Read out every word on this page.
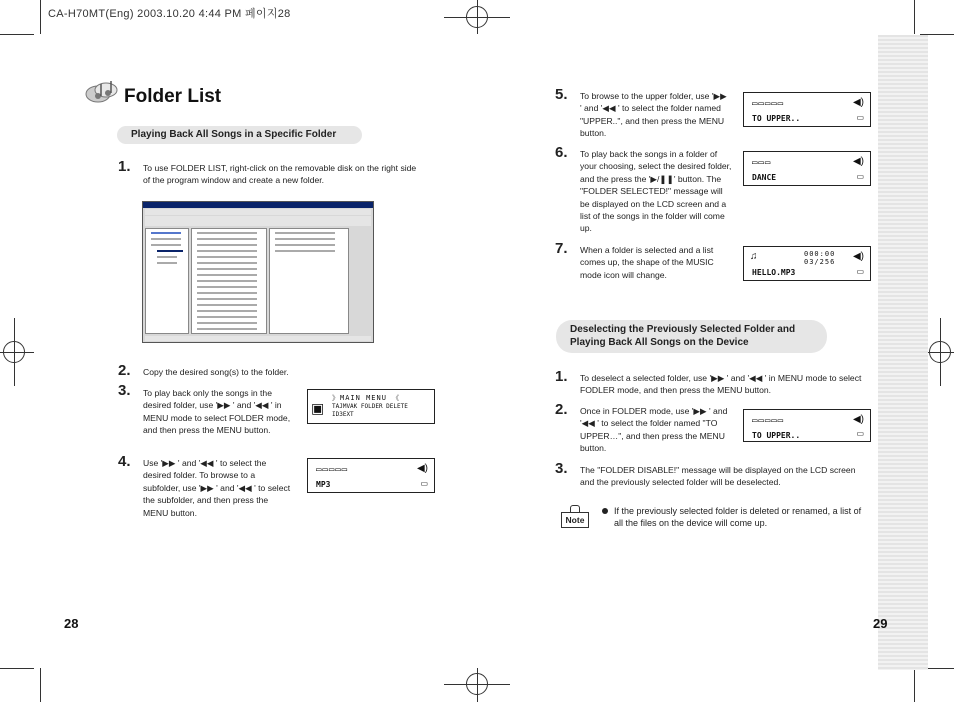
CA-H70MT(Eng) 2003.10.20 4:44 PM 페이지28
Folder List
Playing Back All Songs in a Specific Folder
1. To use FOLDER LIST, right-click on the removable disk on the right side of the program window and create a new folder.
2. Copy the desired song(s) to the folder.
3. To play back only the songs in the desired folder, use '▶▶ ' and '◀◀ ' in MENU mode to select FOLDER mode, and then press the MENU button.
▣
》MAIN MENU 《
TAJMVAK FOLDER DELETE ID3EXT
4. Use '▶▶ ' and '◀◀ ' to select the desired folder. To browse to a subfolder, use '▶▶ ' and '◀◀ ' to select the subfolder, and then press the MENU button.
▭▭▭▭▭	◀)
MP3	▭
28
5. To browse to the upper folder, use '▶▶ ' and '◀◀ ' to select the folder named "UPPER..", and then press the MENU button.
▭▭▭▭▭	◀)
TO UPPER..	▭
6. To play back the songs in a folder of your choosing, select the desired folder, and the press the '▶/❚❚' button. The "FOLDER SELECTED!" message will be displayed on the LCD screen and a list of the songs in the folder will come up.
▭▭▭	◀)
DANCE	▭
7. When a folder is selected and a list comes up, the shape of the MUSIC mode icon will change.
♫	000:00 03/256	◀)
HELLO.MP3	▭
Deselecting the Previously Selected Folder and Playing Back All Songs on the Device
1. To deselect a selected folder, use '▶▶ ' and '◀◀ ' in MENU mode to select FODLER mode, and then press the MENU button.
2. Once in FOLDER mode, use '▶▶ ' and '◀◀ ' to select the folder named "TO UPPER…", and then press the MENU button.
▭▭▭▭▭	◀)
TO UPPER..	▭
3. The "FOLDER DISABLE!" message will be displayed on the LCD screen and the previously selected folder will be deselected.
Note
If the previously selected folder is deleted or renamed, a list of all the files on the device will come up.
29
